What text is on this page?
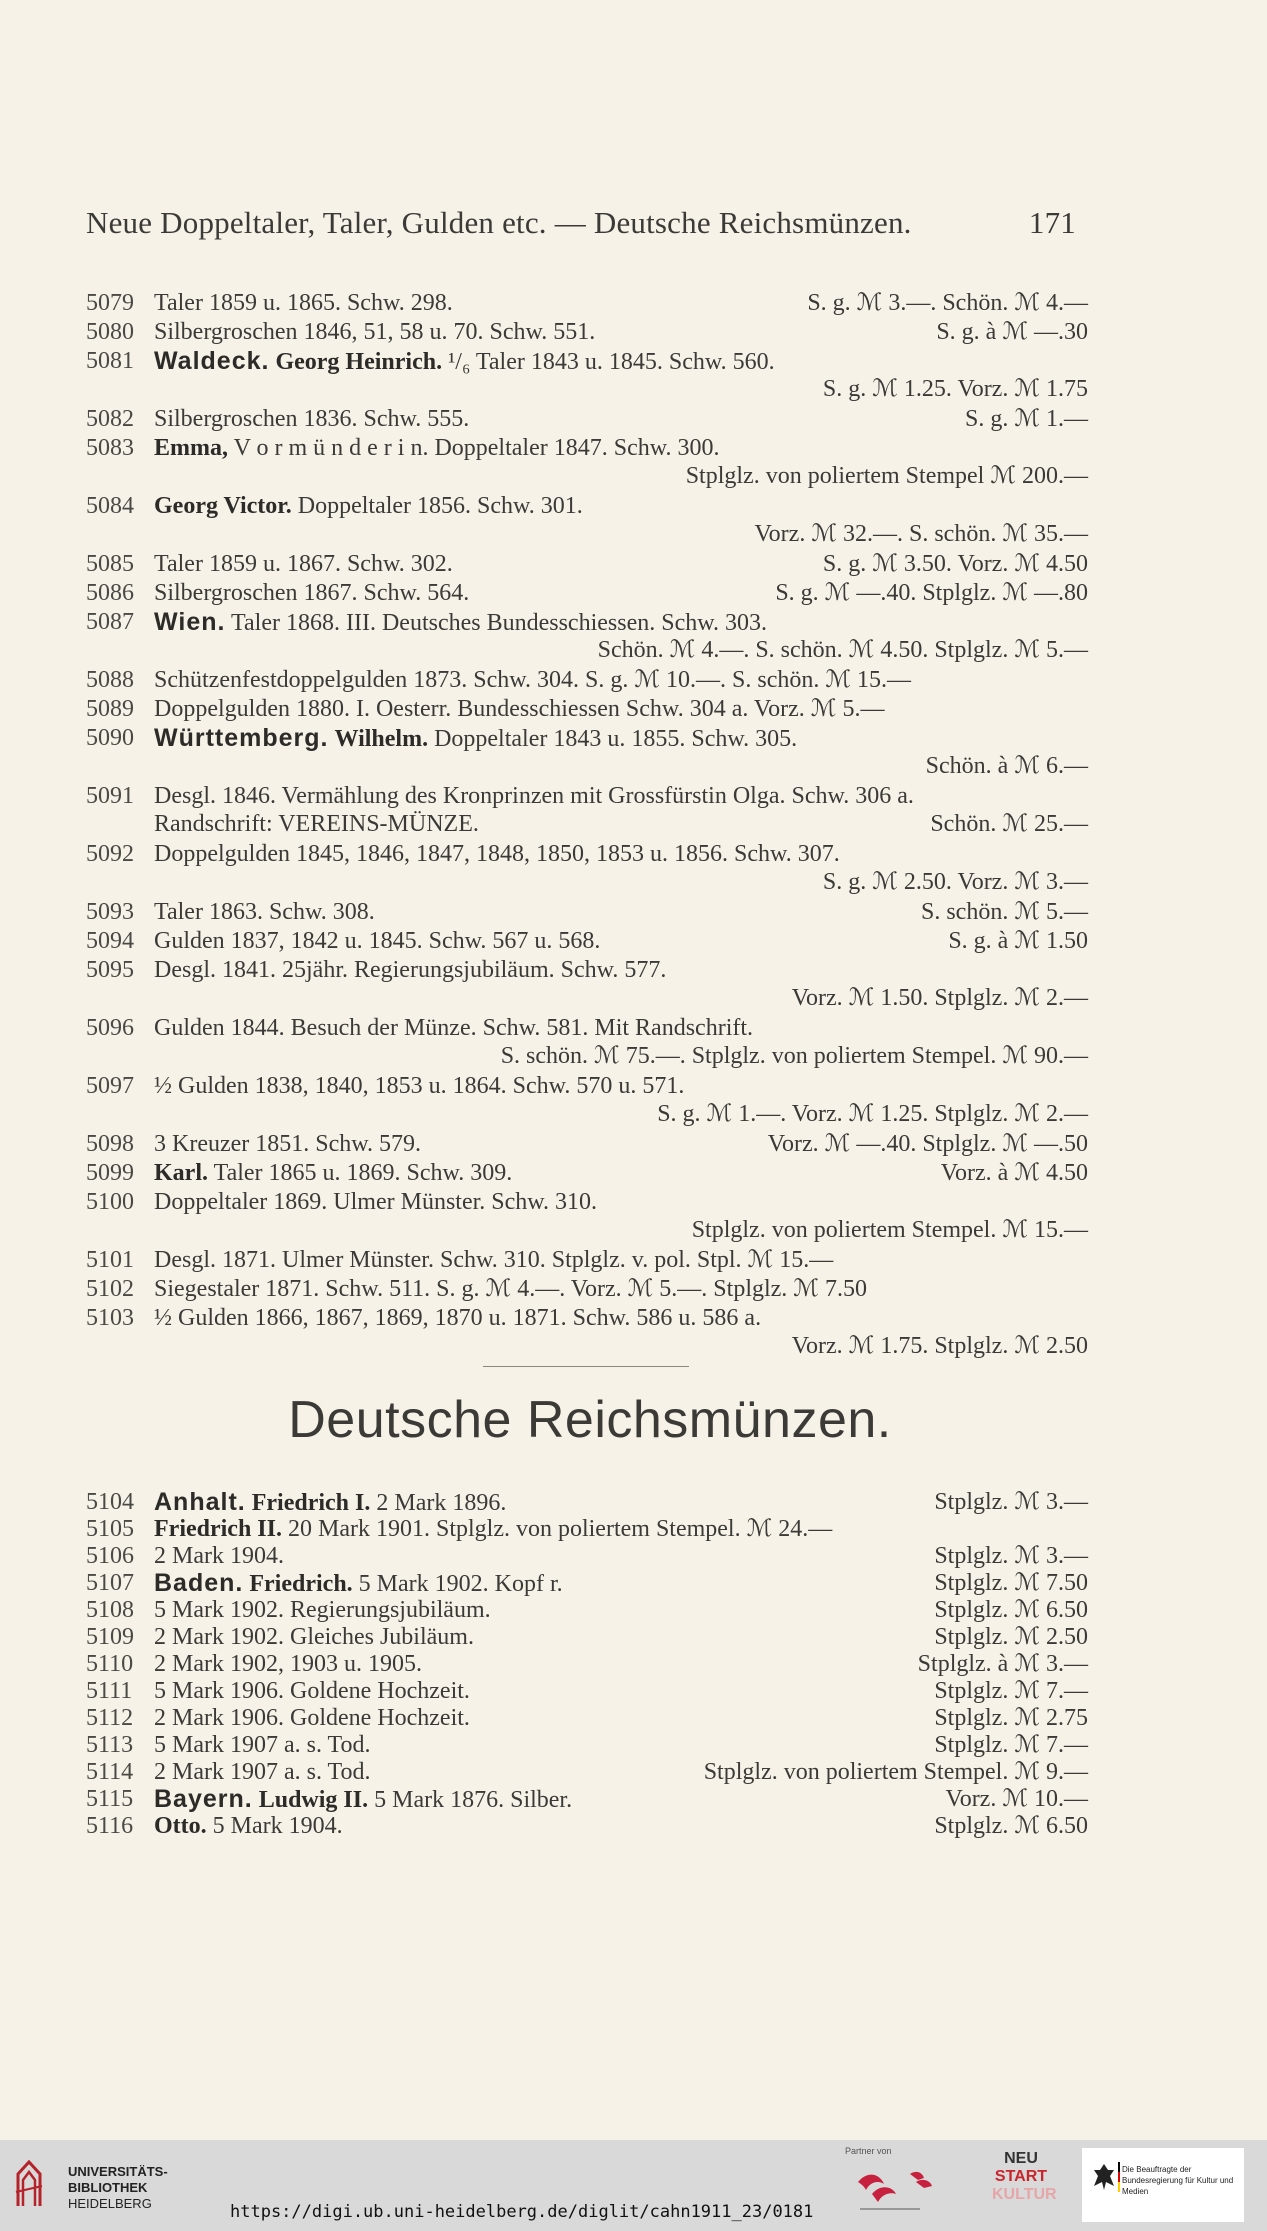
Neue Doppeltaler, Taler, Gulden etc. — Deutsche Reichsmünzen.	171
5079 Taler 1859 u. 1865. Schw. 298.	S. g. ℳ 3.—. Schön. ℳ 4.—
5080 Silbergroschen 1846, 51, 58 u. 70. Schw. 551.	S. g. à ℳ —.30
5081 Waldeck. Georg Heinrich. ¹/₆ Taler 1843 u. 1845. Schw. 560.
S. g. ℳ 1.25. Vorz. ℳ 1.75
5082 Silbergroschen 1836. Schw. 555.	S. g. ℳ 1.—
5083 Emma, V o r m ü n d e r i n. Doppeltaler 1847. Schw. 300.
Stplglz. von poliertem Stempel ℳ 200.—
5084 Georg Victor. Doppeltaler 1856. Schw. 301.
Vorz. ℳ 32.—. S. schön. ℳ 35.—
5085 Taler 1859 u. 1867. Schw. 302.	S. g. ℳ 3.50. Vorz. ℳ 4.50
5086 Silbergroschen 1867. Schw. 564.	S. g. ℳ —.40. Stplglz. ℳ —.80
5087 Wien. Taler 1868. III. Deutsches Bundesschiessen. Schw. 303.
Schön. ℳ 4.—. S. schön. ℳ 4.50. Stplglz. ℳ 5.—
5088 Schützenfestdoppelgulden 1873. Schw. 304. S. g. ℳ 10.—. S. schön. ℳ 15.—
5089 Doppelgulden 1880. I. Oesterr. Bundesschiessen Schw. 304 a. Vorz. ℳ 5.—
5090 Württemberg. Wilhelm. Doppeltaler 1843 u. 1855. Schw. 305.
Schön. à ℳ 6.—
5091 Desgl. 1846. Vermählung des Kronprinzen mit Grossfürstin Olga. Schw. 306 a.
Randschrift: VEREINS-MÜNZE.	Schön. ℳ 25.—
5092 Doppelgulden 1845, 1846, 1847, 1848, 1850, 1853 u. 1856. Schw. 307.
S. g. ℳ 2.50. Vorz. ℳ 3.—
5093 Taler 1863. Schw. 308.	S. schön. ℳ 5.—
5094 Gulden 1837, 1842 u. 1845. Schw. 567 u. 568.	S. g. à ℳ 1.50
5095 Desgl. 1841. 25jähr. Regierungsjubiläum. Schw. 577.
Vorz. ℳ 1.50. Stplglz. ℳ 2.—
5096 Gulden 1844. Besuch der Münze. Schw. 581. Mit Randschrift.
S. schön. ℳ 75.—. Stplglz. von poliertem Stempel. ℳ 90.—
5097 ½ Gulden 1838, 1840, 1853 u. 1864. Schw. 570 u. 571.
S. g. ℳ 1.—. Vorz. ℳ 1.25. Stplglz. ℳ 2.—
5098 3 Kreuzer 1851. Schw. 579.	Vorz. ℳ —.40. Stplglz. ℳ —.50
5099 Karl. Taler 1865 u. 1869. Schw. 309.	Vorz. à ℳ 4.50
5100 Doppeltaler 1869. Ulmer Münster. Schw. 310.
Stplglz. von poliertem Stempel. ℳ 15.—
5101 Desgl. 1871. Ulmer Münster. Schw. 310. Stplglz. v. pol. Stpl. ℳ 15.—
5102 Siegestaler 1871. Schw. 511. S. g. ℳ 4.—. Vorz. ℳ 5.—. Stplglz. ℳ 7.50
5103 ½ Gulden 1866, 1867, 1869, 1870 u. 1871. Schw. 586 u. 586 a.
Vorz. ℳ 1.75. Stplglz. ℳ 2.50
Deutsche Reichsmünzen.
5104 Anhalt. Friedrich I. 2 Mark 1896.	Stplglz. ℳ 3.—
5105 Friedrich II. 20 Mark 1901. Stplglz. von poliertem Stempel. ℳ 24.—
5106 2 Mark 1904.	Stplglz. ℳ 3.—
5107 Baden. Friedrich. 5 Mark 1902. Kopf r.	Stplglz. ℳ 7.50
5108 5 Mark 1902. Regierungsjubiläum.	Stplglz. ℳ 6.50
5109 2 Mark 1902. Gleiches Jubiläum.	Stplglz. ℳ 2.50
5110 2 Mark 1902, 1903 u. 1905.	Stplglz. à ℳ 3.—
5111 5 Mark 1906. Goldene Hochzeit.	Stplglz. ℳ 7.—
5112 2 Mark 1906. Goldene Hochzeit.	Stplglz. ℳ 2.75
5113 5 Mark 1907 a. s. Tod.	Stplglz. ℳ 7.—
5114 2 Mark 1907 a. s. Tod.	Stplglz. von poliertem Stempel. ℳ 9.—
5115 Bayern. Ludwig II. 5 Mark 1876. Silber.	Vorz. ℳ 10.—
5116 Otto. 5 Mark 1904.	Stplglz. ℳ 6.50
UNIVERSITÄTS-
BIBLIOTHEK
HEIDELBERG
Partner von	NEU
START
KULTUR
Die Beauftragte der Bundesregierung für Kultur und Medien
https://digi.ub.uni-heidelberg.de/diglit/cahn1911_23/0181
